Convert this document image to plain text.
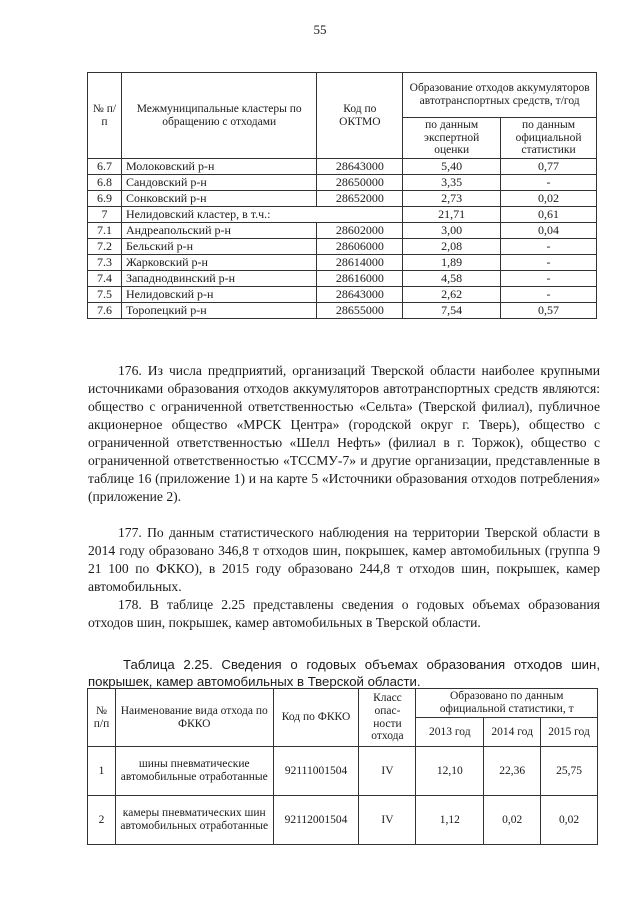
55
№ п/п	Межмуниципальные кластеры по обращению с отходами	Код по ОКТМО	Образование отходов аккумуляторов автотранспортных средств, т/год	
			по данным экспертной оценки	по данным официальной статистики
6.7	Молоковский р-н	28643000	5,40	0,77
6.8	Сандовский р-н	28650000	3,35	-
6.9	Сонковский р-н	28652000	2,73	0,02
7	Нелидовский кластер, в т.ч.:		21,71	0,61
7.1	Андреапольский р-н	28602000	3,00	0,04
7.2	Бельский р-н	28606000	2,08	-
7.3	Жарковский р-н	28614000	1,89	-
7.4	Западнодвинский р-н	28616000	4,58	-
7.5	Нелидовский р-н	28643000	2,62	-
7.6	Торопецкий р-н	28655000	7,54	0,57
176. Из числа предприятий, организаций Тверской области наиболее крупными источниками образования отходов аккумуляторов автотранспортных средств являются: общество с ограниченной ответственностью «Сельта» (Тверской филиал), публичное акционерное общество «МРСК Центра» (городской округ г. Тверь), общество с ограниченной ответственностью «Шелл Нефть» (филиал в г. Торжок), общество с ограниченной ответственностью «ТССМУ-7» и другие организации, представленные в таблице 16 (приложение 1) и на карте 5 «Источники образования отходов потребления» (приложение 2).
177. По данным статистического наблюдения на территории Тверской области в 2014 году образовано 346,8 т отходов шин, покрышек, камер автомобильных (группа 9 21 100 по ФККО), в 2015 году образовано 244,8 т отходов шин, покрышек, камер автомобильных.
178. В таблице 2.25 представлены сведения о годовых объемах образования отходов шин, покрышек, камер автомобильных в Тверской области.
Таблица 2.25. Сведения о годовых объемах образования отходов шин, покрышек, камер автомобильных в Тверской области.
№ п/п	Наименование вида отхода по ФККО	Код по ФККО	Класс опас-ности отхода	Образовано по данным официальной статистики, т		
				2013 год	2014 год	2015 год
1	шины пневматические автомобильные отработанные	92111001504	IV	12,10	22,36	25,75
2	камеры пневматических шин автомобильных отработанные	92112001504	IV	1,12	0,02	0,02
